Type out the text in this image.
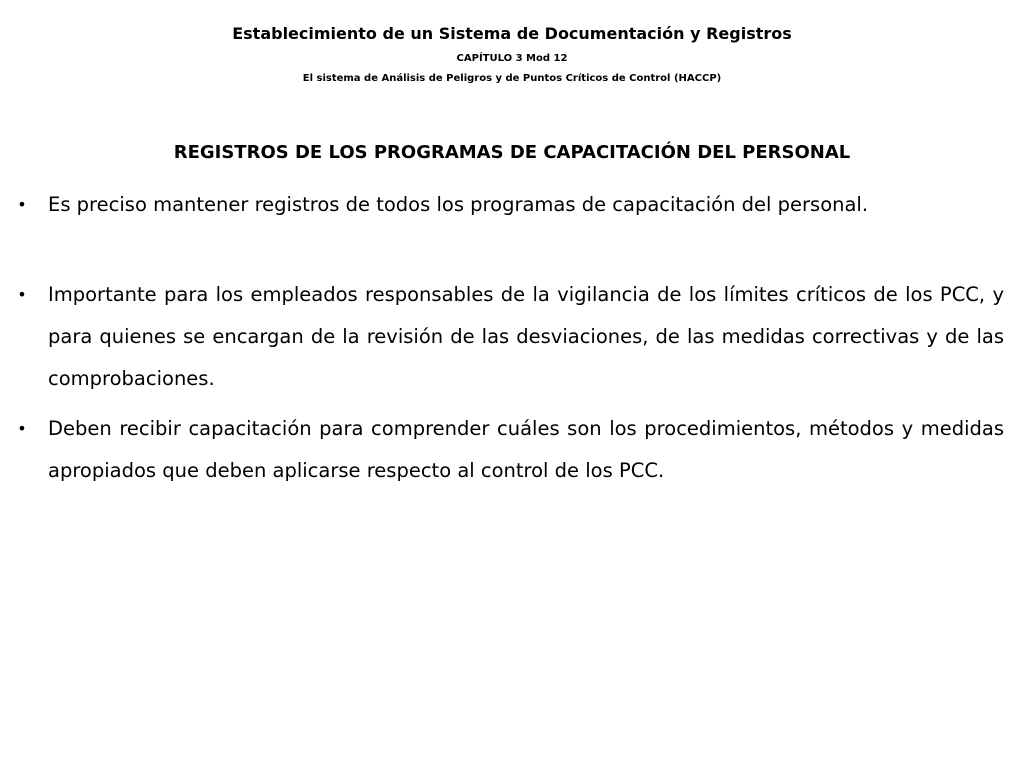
Establecimiento de un Sistema de Documentación y Registros
CAPÍTULO 3 Mod 12
El sistema de Análisis de Peligros y de Puntos Críticos de Control (HACCP)
REGISTROS DE LOS PROGRAMAS DE CAPACITACIÓN DEL PERSONAL
• Es preciso mantener registros de todos los programas de capacitación del personal.
• Importante para los empleados responsables de la vigilancia de los límites críticos de los PCC, y para quienes se encargan de la revisión de las desviaciones, de las medidas correctivas y de las comprobaciones.
• Deben recibir capacitación para comprender cuáles son los procedimientos, métodos y medidas apropiados que deben aplicarse respecto al control de los PCC.
